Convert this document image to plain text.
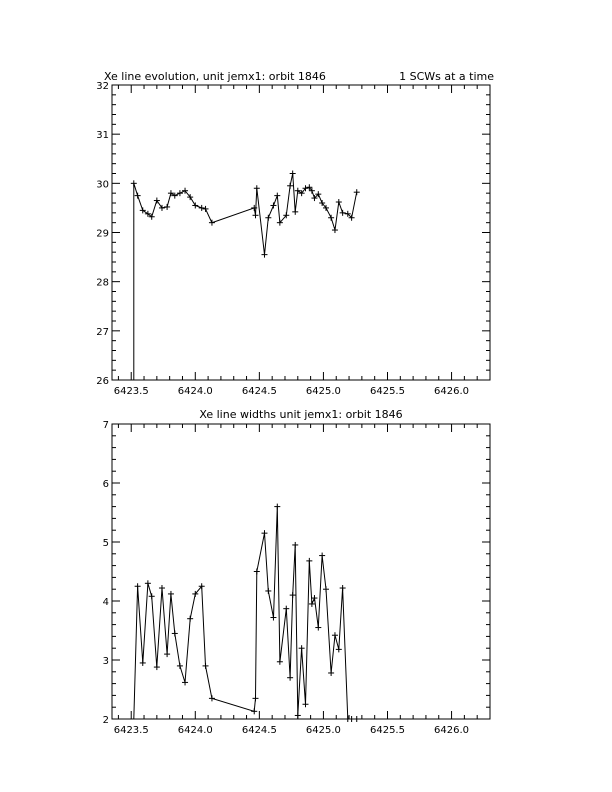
Xe line evolution, unit jemx1: orbit 1846	1 SCWs at a time
6423.5	6424.0	6424.5	6425.0	6425.5	6426.0
26
27
28
29
30
31
32
Xe line widths unit jemx1: orbit 1846
6423.5	6424.0	6424.5	6425.0	6425.5	6426.0
2
3
4
5
6
7
